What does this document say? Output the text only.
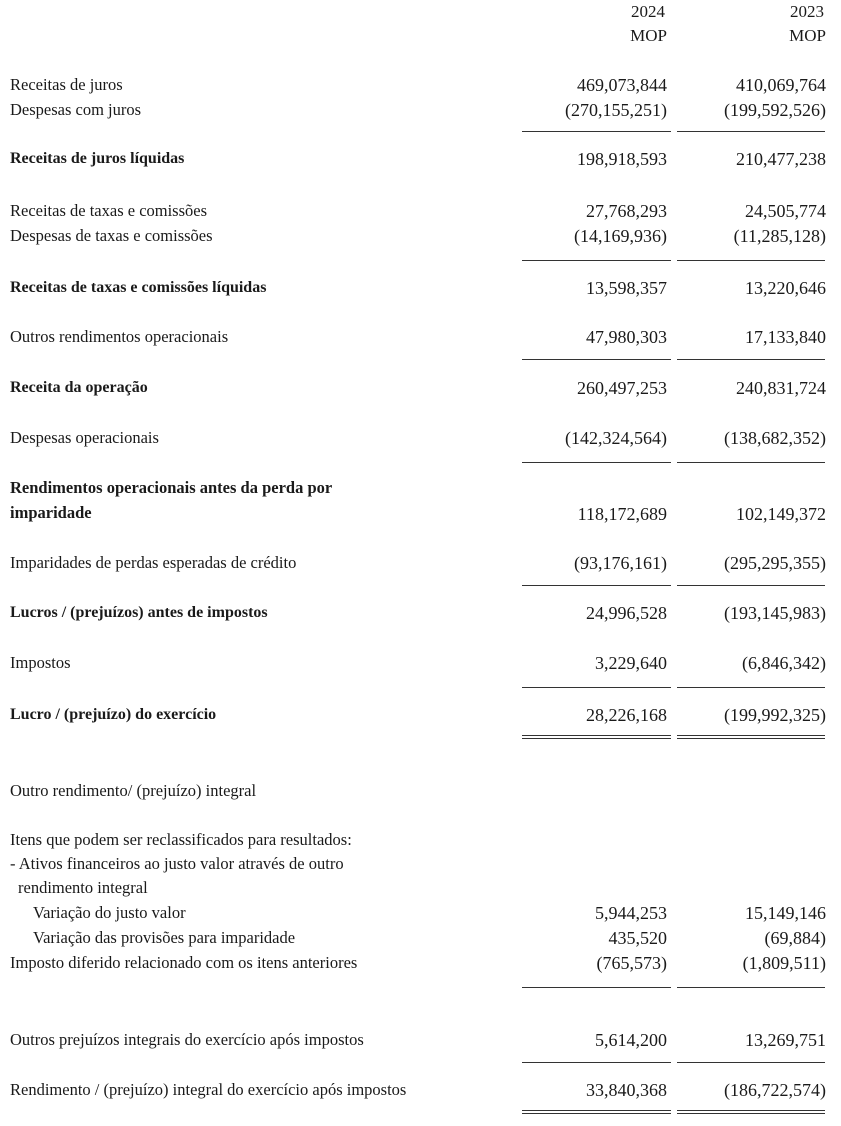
2024	2023
MOP	MOP
Receitas de juros	469,073,844	410,069,764
Despesas com juros	(270,155,251)	(199,592,526)
Receitas de juros líquidas	198,918,593	210,477,238
Receitas de taxas e comissões	27,768,293	24,505,774
Despesas de taxas e comissões	(14,169,936)	(11,285,128)
Receitas de taxas e comissões líquidas	13,598,357	13,220,646
Outros rendimentos operacionais	47,980,303	17,133,840
Receita da operação	260,497,253	240,831,724
Despesas operacionais	(142,324,564)	(138,682,352)
Rendimentos operacionais antes da perda por
imparidade	118,172,689	102,149,372
Imparidades de perdas esperadas de crédito	(93,176,161)	(295,295,355)
Lucros / (prejuízos) antes de impostos	24,996,528	(193,145,983)
Impostos	3,229,640	(6,846,342)
Lucro / (prejuízo) do exercício	28,226,168	(199,992,325)
Outro rendimento/ (prejuízo) integral
Itens que podem ser reclassificados para resultados:
- Ativos financeiros ao justo valor através de outro
rendimento integral
Variação do justo valor	5,944,253	15,149,146
Variação das provisões para imparidade	435,520	(69,884)
Imposto diferido relacionado com os itens anteriores	(765,573)	(1,809,511)
Outros prejuízos integrais do exercício após impostos	5,614,200	13,269,751
Rendimento / (prejuízo) integral do exercício após impostos	33,840,368	(186,722,574)
